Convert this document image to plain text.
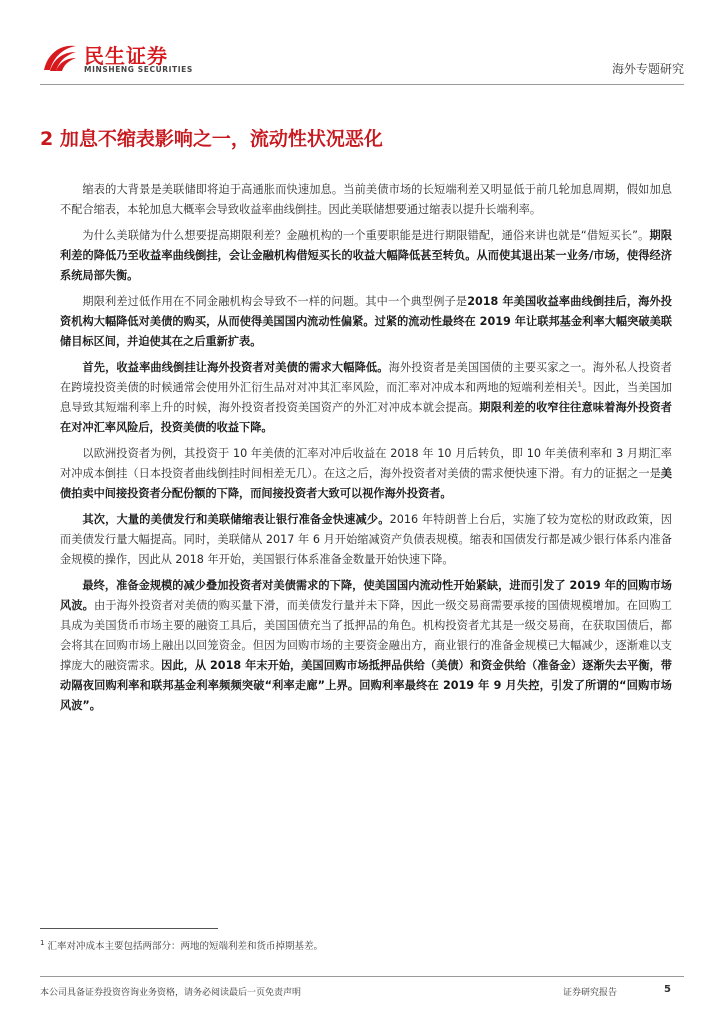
民生证券
MINSHENG SECURITIES	海外专题研究
2 加息不缩表影响之一，流动性状况恶化

缩表的大背景是美联储即将迫于高通胀而快速加息。当前美债市场的长短端利差又明显低于前几轮加息周期，假如加息不配合缩表，本轮加息大概率会导致收益率曲线倒挂。因此美联储想要通过缩表以提升长端利率。

为什么美联储为什么想要提高期限利差？金融机构的一个重要职能是进行期限错配，通俗来讲也就是“借短买长”。期限利差的降低乃至收益率曲线倒挂，会让金融机构借短买长的收益大幅降低甚至转负。从而使其退出某一业务/市场，使得经济系统局部失衡。

期限利差过低作用在不同金融机构会导致不一样的问题。其中一个典型例子是2018 年美国收益率曲线倒挂后，海外投资机构大幅降低对美债的购买，从而使得美国国内流动性偏紧。过紧的流动性最终在 2019 年让联邦基金利率大幅突破美联储目标区间，并迫使其在之后重新扩表。

首先，收益率曲线倒挂让海外投资者对美债的需求大幅降低。海外投资者是美国国债的主要买家之一。海外私人投资者在跨境投资美债的时候通常会使用外汇衍生品对对冲其汇率风险，而汇率对冲成本和两地的短端利差相关$^1$。因此，当美国加息导致其短端利率上升的时候，海外投资者投资美国资产的外汇对冲成本就会提高。期限利差的收窄往往意味着海外投资者在对冲汇率风险后，投资美债的收益下降。

以欧洲投资者为例，其投资于 10 年美债的汇率对冲后收益在 2018 年 10 月后转负，即 10 年美债利率和 3 月期汇率对冲成本倒挂（日本投资者曲线倒挂时间相差无几）。在这之后，海外投资者对美债的需求便快速下滑。有力的证据之一是美债拍卖中间接投资者分配份额的下降，而间接投资者大致可以视作海外投资者。

其次，大量的美债发行和美联储缩表让银行准备金快速减少。2016 年特朗普上台后，实施了较为宽松的财政政策，因而美债发行量大幅提高。同时，美联储从 2017 年 6 月开始缩减资产负债表规模。缩表和国债发行都是减少银行体系内准备金规模的操作，因此从 2018 年开始，美国银行体系准备金数量开始快速下降。

最终，准备金规模的减少叠加投资者对美债需求的下降，使美国国内流动性开始紧缺，进而引发了 2019 年的回购市场风波。由于海外投资者对美债的购买量下滑，而美债发行量并未下降，因此一级交易商需要承接的国债规模增加。在回购工具成为美国货币市场主要的融资工具后，美国国债充当了抵押品的角色。机构投资者尤其是一级交易商，在获取国债后，都会将其在回购市场上融出以回笼资金。但因为回购市场的主要资金融出方，商业银行的准备金规模已大幅减少，逐渐难以支撑庞大的融资需求。因此，从 2018 年末开始，美国回购市场抵押品供给（美债）和资金供给（准备金）逐渐失去平衡，带动隔夜回购利率和联邦基金利率频频突破“利率走廊”上界。回购利率最终在 2019 年 9 月失控，引发了所谓的“回购市场风波”。

$^1$ 汇率对冲成本主要包括两部分：两地的短端利差和货币掉期基差。
本公司具备证券投资咨询业务资格，请务必阅读最后一页免责声明	证券研究报告	5
